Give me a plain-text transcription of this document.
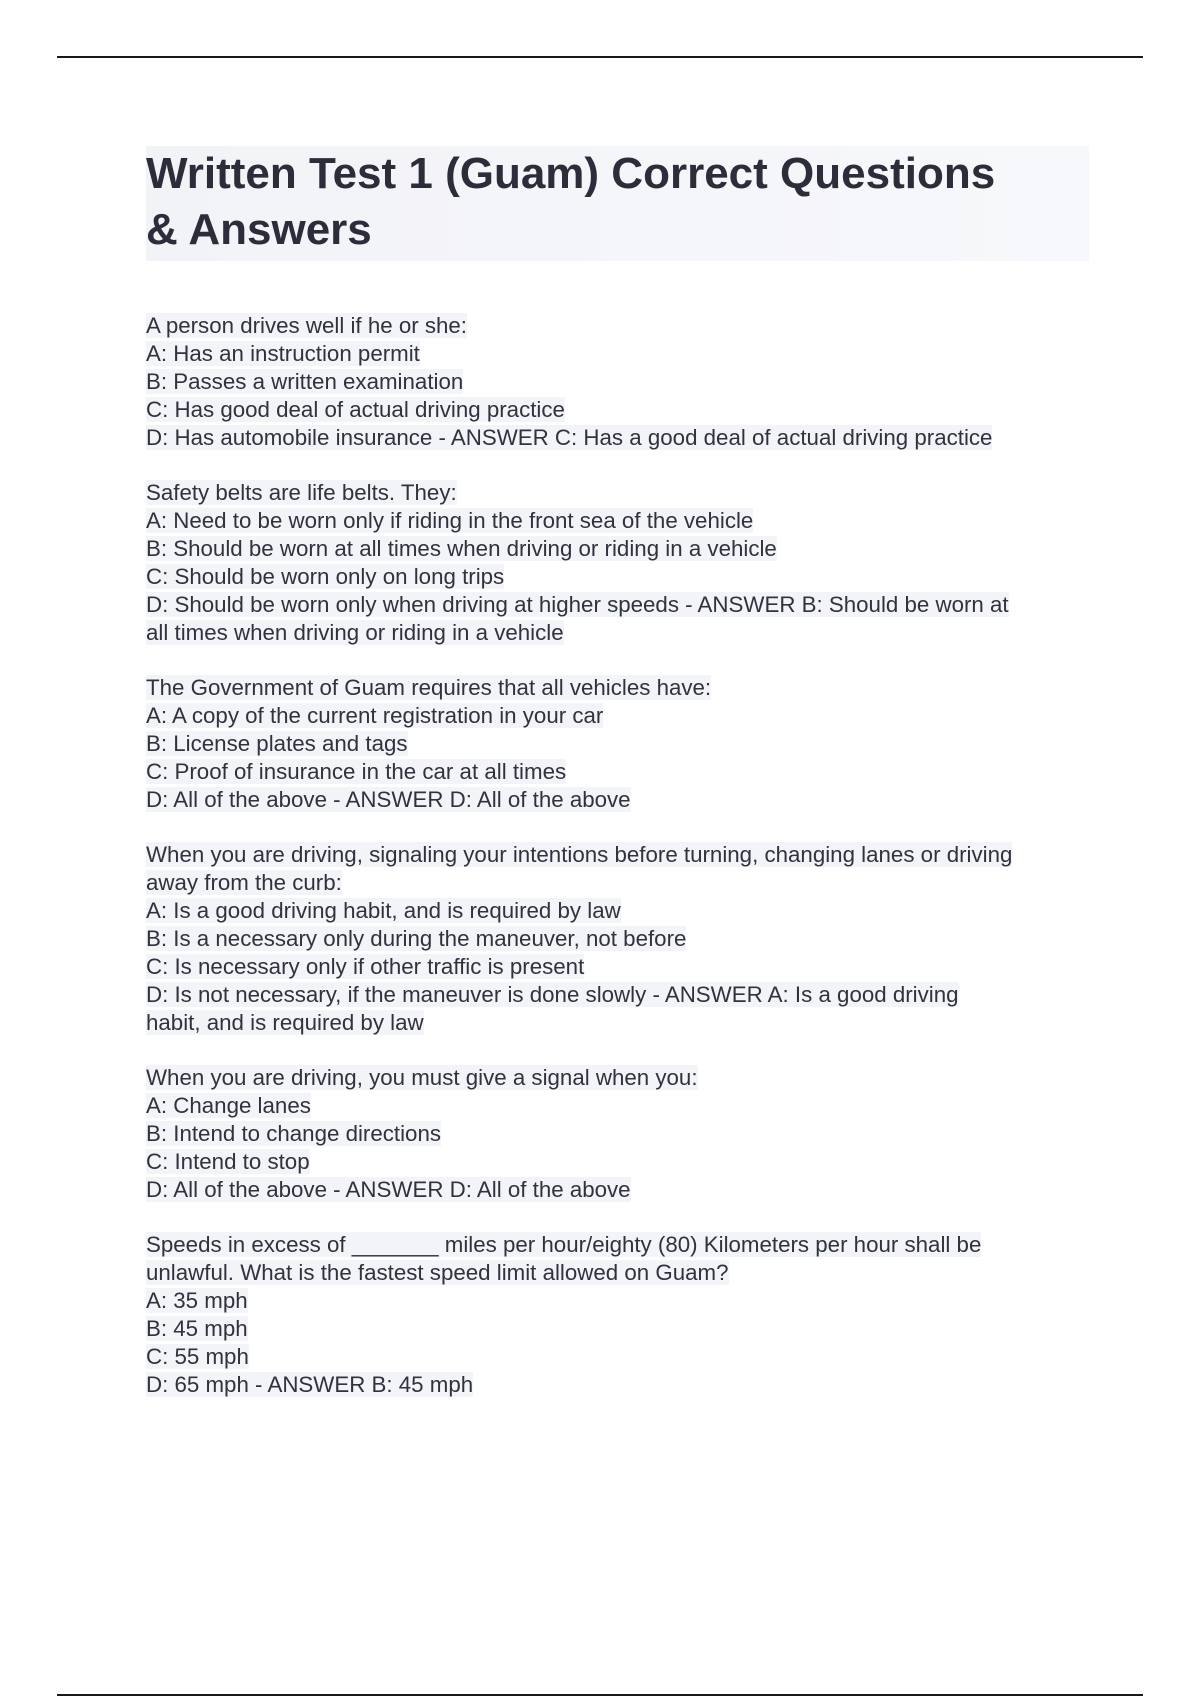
Written Test 1 (Guam) Correct Questions
& Answers
A person drives well if he or she:
A: Has an instruction permit
B: Passes a written examination
C: Has good deal of actual driving practice
D: Has automobile insurance - ANSWER C: Has a good deal of actual driving practice
Safety belts are life belts. They:
A: Need to be worn only if riding in the front sea of the vehicle
B: Should be worn at all times when driving or riding in a vehicle
C: Should be worn only on long trips
D: Should be worn only when driving at higher speeds - ANSWER B: Should be worn at
all times when driving or riding in a vehicle
The Government of Guam requires that all vehicles have:
A: A copy of the current registration in your car
B: License plates and tags
C: Proof of insurance in the car at all times
D: All of the above - ANSWER D: All of the above
When you are driving, signaling your intentions before turning, changing lanes or driving
away from the curb:
A: Is a good driving habit, and is required by law
B: Is a necessary only during the maneuver, not before
C: Is necessary only if other traffic is present
D: Is not necessary, if the maneuver is done slowly - ANSWER A: Is a good driving
habit, and is required by law
When you are driving, you must give a signal when you:
A: Change lanes
B: Intend to change directions
C: Intend to stop
D: All of the above - ANSWER D: All of the above
Speeds in excess of _______ miles per hour/eighty (80) Kilometers per hour shall be
unlawful. What is the fastest speed limit allowed on Guam?
A: 35 mph
B: 45 mph
C: 55 mph
D: 65 mph - ANSWER B: 45 mph
